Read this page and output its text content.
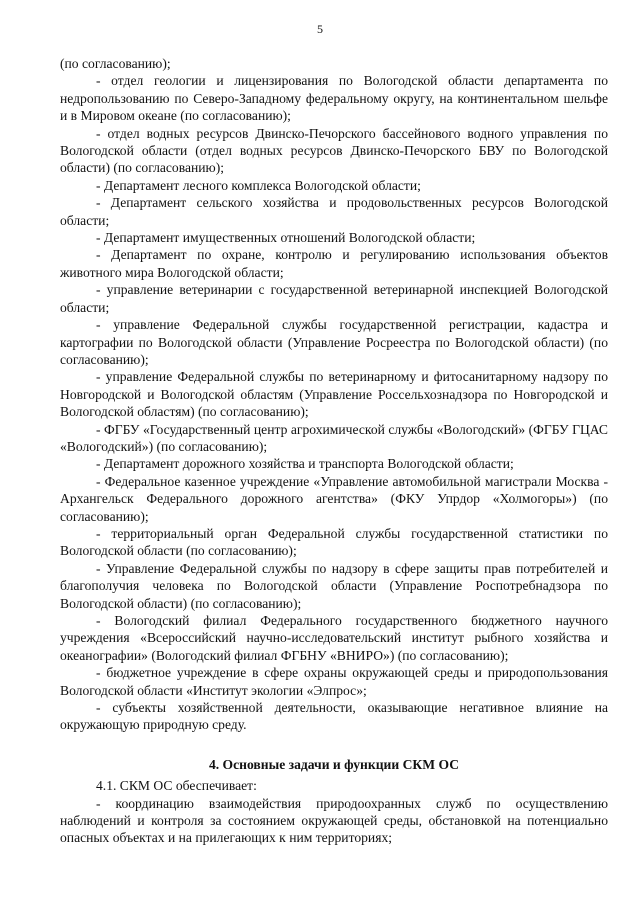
5

(по согласованию);

- отдел геологии и лицензирования по Вологодской области департамента по недропользованию по Северо-Западному федеральному округу, на континентальном шельфе и в Мировом океане (по согласованию);

- отдел водных ресурсов Двинско-Печорского бассейнового водного управления по Вологодской области (отдел водных ресурсов Двинско-Печорского БВУ по Вологодской области) (по согласованию);

- Департамент лесного комплекса Вологодской области;

- Департамент сельского хозяйства и продовольственных ресурсов Вологодской области;

- Департамент имущественных отношений Вологодской области;

- Департамент по охране, контролю и регулированию использования объектов животного мира Вологодской области;

- управление ветеринарии с государственной ветеринарной инспекцией Вологодской области;

- управление Федеральной службы государственной регистрации, кадастра и картографии по Вологодской области (Управление Росреестра по Вологодской области) (по согласованию);

- управление Федеральной службы по ветеринарному и фитосанитарному надзору по Новгородской и Вологодской областям (Управление Россельхознадзора по Новгородской и Вологодской областям) (по согласованию);

- ФГБУ «Государственный центр агрохимической службы «Вологодский» (ФГБУ ГЦАС «Вологодский») (по согласованию);

- Департамент дорожного хозяйства и транспорта Вологодской области;

- Федеральное казенное учреждение «Управление автомобильной магистрали Москва - Архангельск Федерального дорожного агентства» (ФКУ Упрдор «Холмогоры») (по согласованию);

- территориальный орган Федеральной службы государственной статистики по Вологодской области (по согласованию);

- Управление Федеральной службы по надзору в сфере защиты прав потребителей и благополучия человека по Вологодской области (Управление Роспотребнадзора по Вологодской области) (по согласованию);

- Вологодский филиал Федерального государственного бюджетного научного учреждения «Всероссийский научно-исследовательский институт рыбного хозяйства и океанографии» (Вологодский филиал ФГБНУ «ВНИРО») (по согласованию);

- бюджетное учреждение в сфере охраны окружающей среды и природопользования Вологодской области «Институт экологии «Элпрос»;

- субъекты хозяйственной деятельности, оказывающие негативное влияние на окружающую природную среду.

4. Основные задачи и функции СКМ ОС

4.1. СКМ ОС обеспечивает:

- координацию взаимодействия природоохранных служб по осуществлению наблюдений и контроля за состоянием окружающей среды, обстановкой на потенциально опасных объектах и на прилегающих к ним территориях;
